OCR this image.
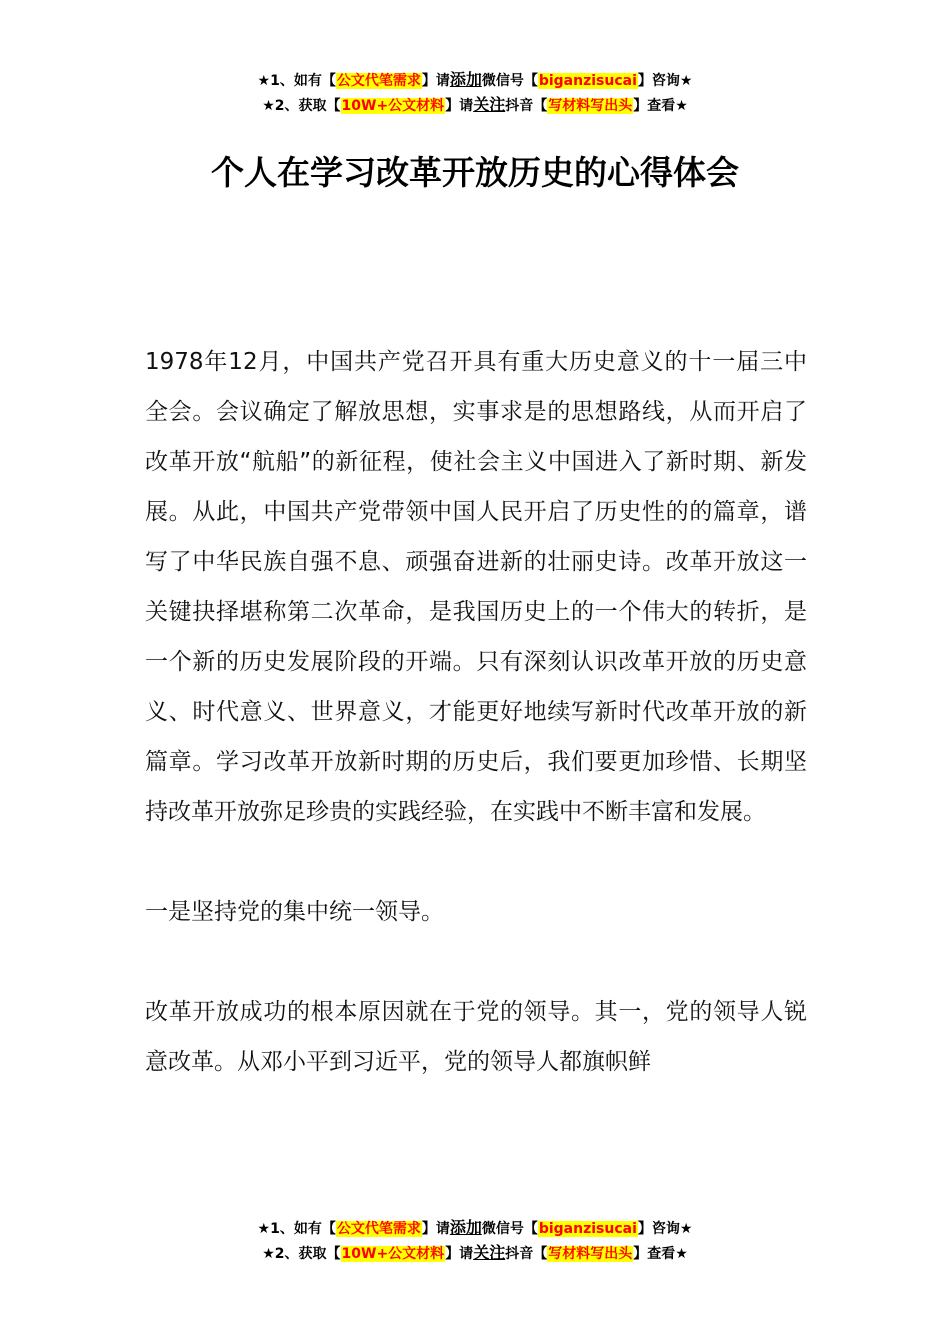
★1、如有【公文代笔需求】请添加微信号【biganzisucai】咨询★
★2、获取【10W+公文材料】请关注抖音【写材料写出头】查看★
个人在学习改革开放历史的心得体会

1978年12月，中国共产党召开具有重大历史意义的十一届三中全会。会议确定了解放思想，实事求是的思想路线，从而开启了改革开放“航船”的新征程，使社会主义中国进入了新时期、新发展。从此，中国共产党带领中国人民开启了历史性的的篇章，谱写了中华民族自强不息、顽强奋进新的壮丽史诗。改革开放这一关键抉择堪称第二次革命，是我国历史上的一个伟大的转折，是一个新的历史发展阶段的开端。只有深刻认识改革开放的历史意义、时代意义、世界意义，才能更好地续写新时代改革开放的新篇章。学习改革开放新时期的历史后，我们要更加珍惜、长期坚持改革开放弥足珍贵的实践经验，在实践中不断丰富和发展。

一是坚持党的集中统一领导。

改革开放成功的根本原因就在于党的领导。其一，党的领导人锐意改革。从邓小平到习近平，党的领导人都旗帜鲜

★1、如有【公文代笔需求】请添加微信号【biganzisucai】咨询★
★2、获取【10W+公文材料】请关注抖音【写材料写出头】查看★
